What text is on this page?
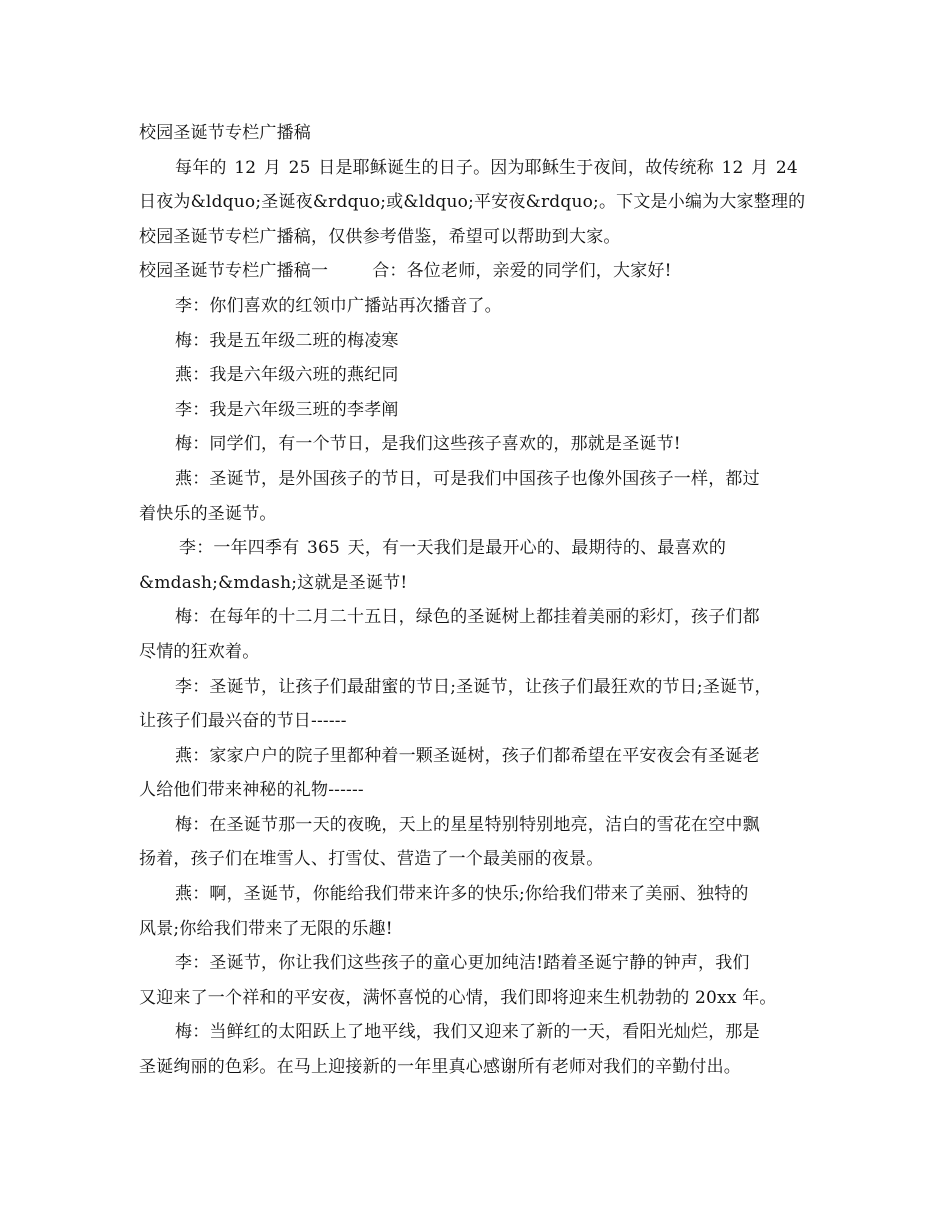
校园圣诞节专栏广播稿
每年的 12 月 25 日是耶稣诞生的日子。因为耶稣生于夜间，故传统称 12 月 24
日夜为&ldquo;圣诞夜&rdquo;或&ldquo;平安夜&rdquo;。下文是小编为大家整理的
校园圣诞节专栏广播稿，仅供参考借鉴，希望可以帮助到大家。
校园圣诞节专栏广播稿一	合：各位老师，亲爱的同学们，大家好!
李：你们喜欢的红领巾广播站再次播音了。
梅：我是五年级二班的梅凌寒
燕：我是六年级六班的燕纪同
李：我是六年级三班的李孝阐
梅：同学们，有一个节日，是我们这些孩子喜欢的，那就是圣诞节!
燕：圣诞节，是外国孩子的节日，可是我们中国孩子也像外国孩子一样，都过
着快乐的圣诞节。
李：一年四季有 365 天，有一天我们是最开心的、最期待的、最喜欢的
&mdash;&mdash;这就是圣诞节!
梅：在每年的十二月二十五日，绿色的圣诞树上都挂着美丽的彩灯，孩子们都
尽情的狂欢着。
李：圣诞节，让孩子们最甜蜜的节日;圣诞节，让孩子们最狂欢的节日;圣诞节，
让孩子们最兴奋的节日------
燕：家家户户的院子里都种着一颗圣诞树，孩子们都希望在平安夜会有圣诞老
人给他们带来神秘的礼物------
梅：在圣诞节那一天的夜晚，天上的星星特别特别地亮，洁白的雪花在空中飘
扬着，孩子们在堆雪人、打雪仗、营造了一个最美丽的夜景。
燕：啊，圣诞节，你能给我们带来许多的快乐;你给我们带来了美丽、独特的
风景;你给我们带来了无限的乐趣!
李：圣诞节，你让我们这些孩子的童心更加纯洁!踏着圣诞宁静的钟声，我们
又迎来了一个祥和的平安夜，满怀喜悦的心情，我们即将迎来生机勃勃的 20xx 年。
梅：当鲜红的太阳跃上了地平线，我们又迎来了新的一天，看阳光灿烂，那是
圣诞绚丽的色彩。在马上迎接新的一年里真心感谢所有老师对我们的辛勤付出。
